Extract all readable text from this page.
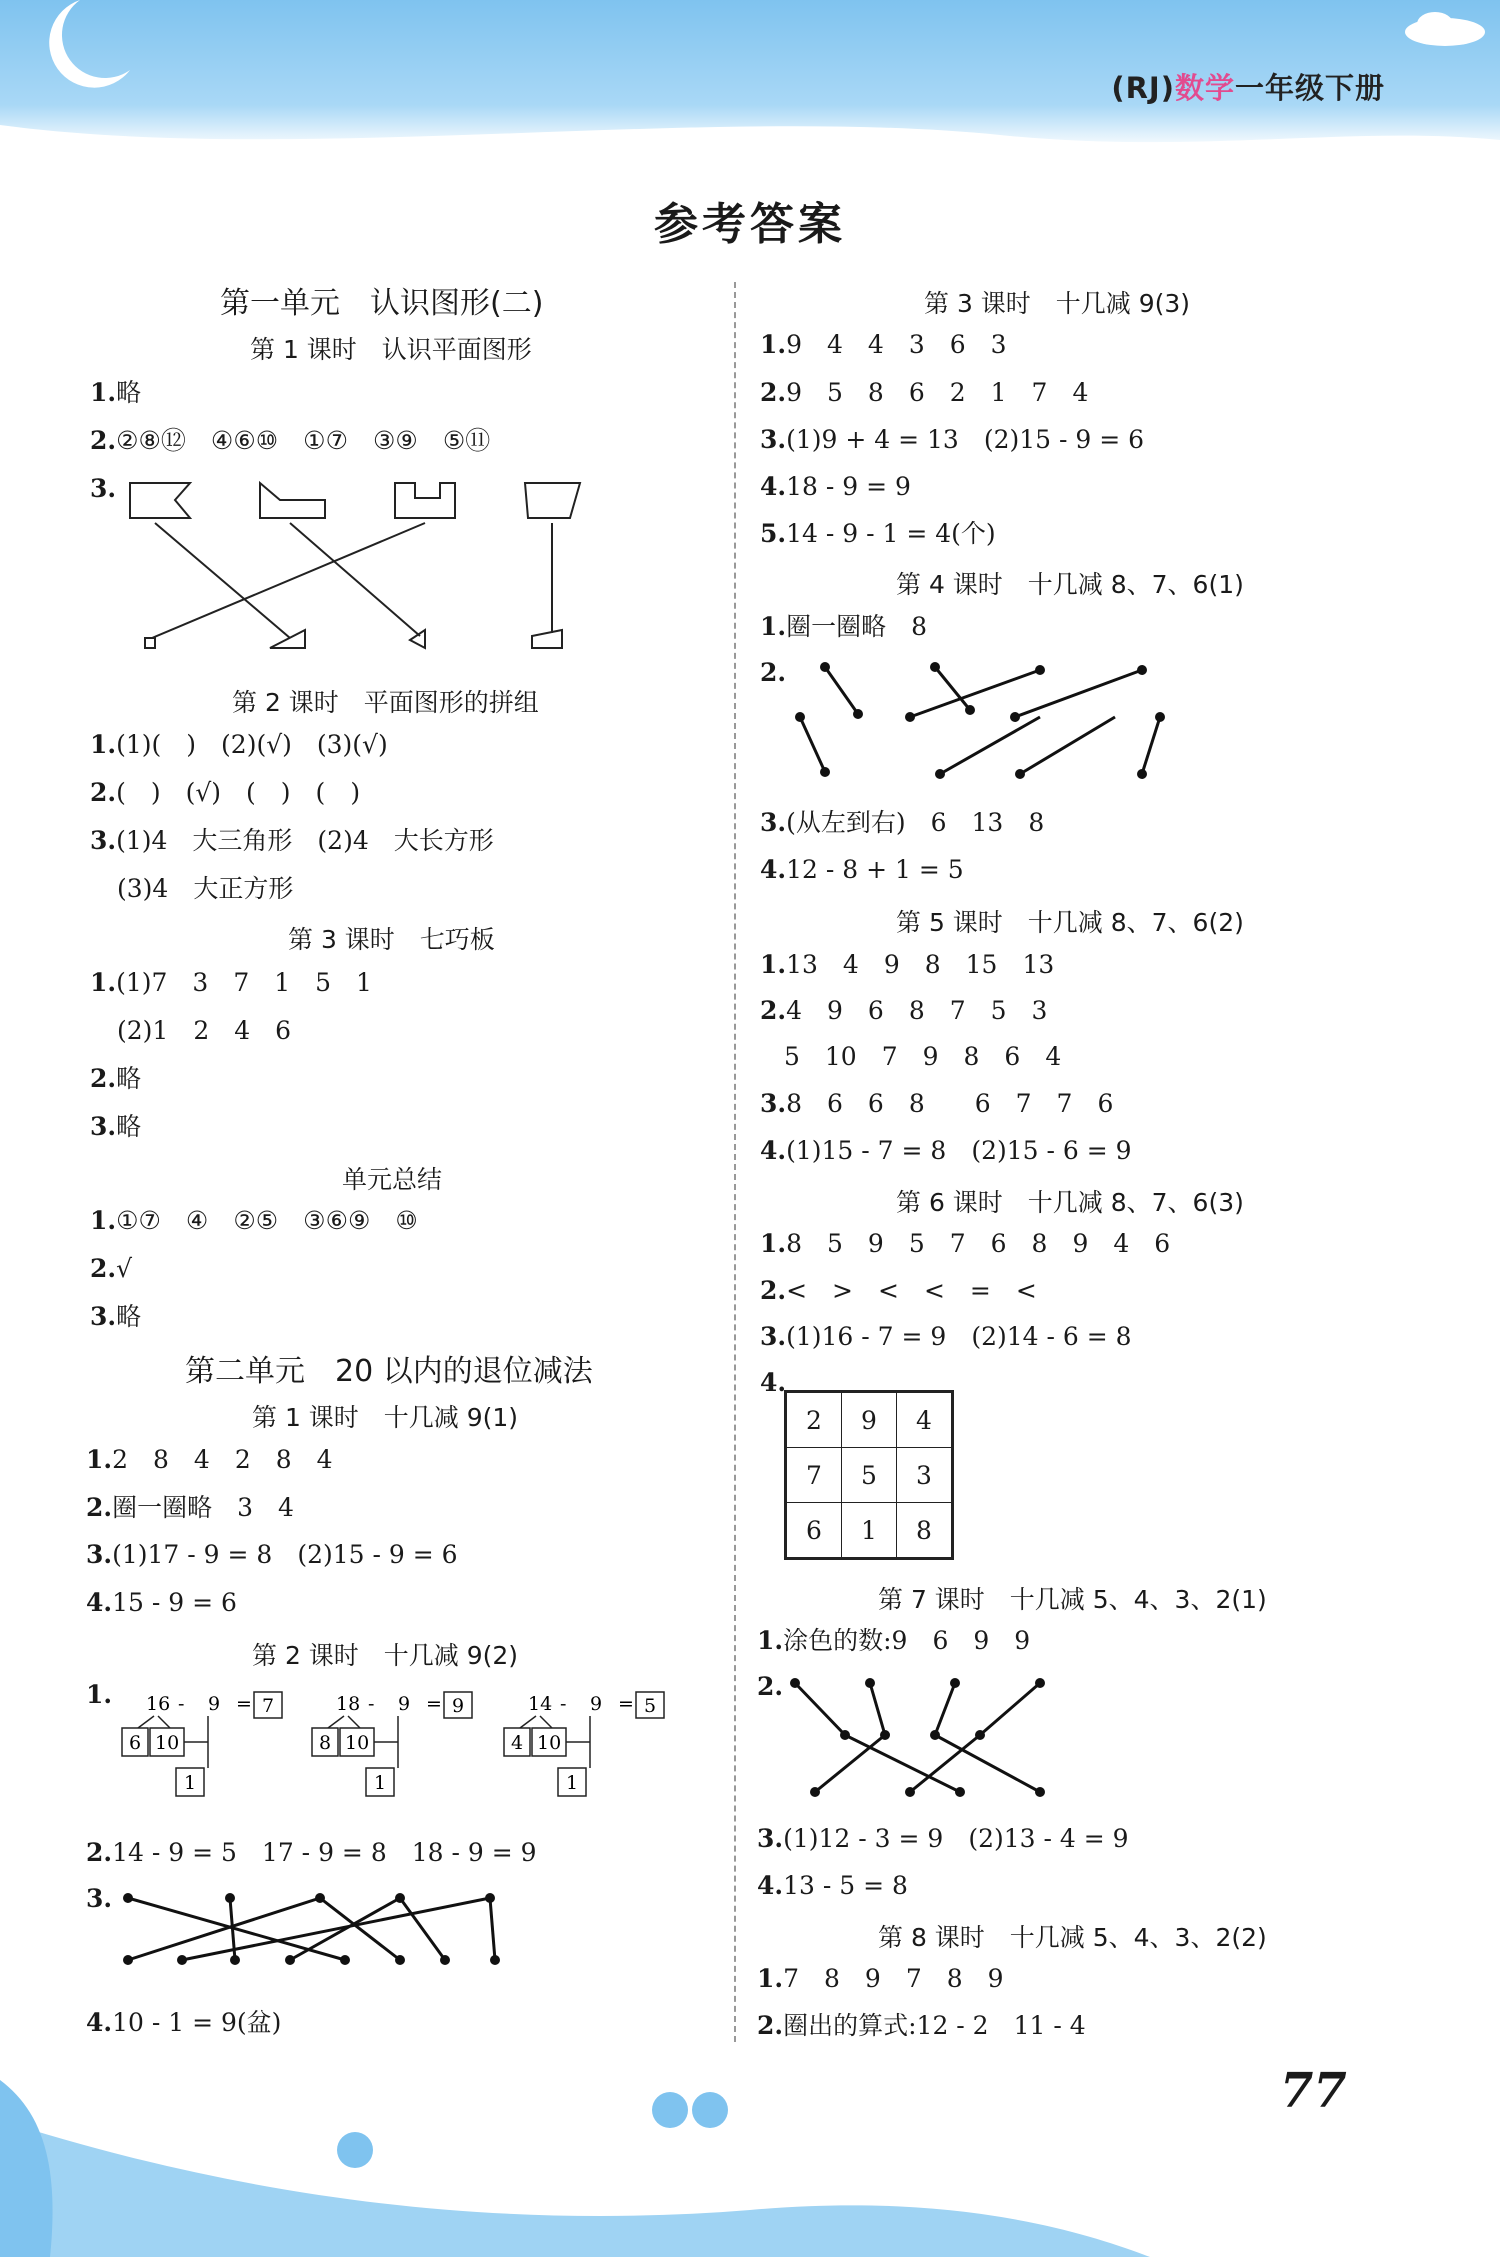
(RJ)数学一年级下册
参考答案
第一单元　认识图形(二)
第 1 课时　认识平面图形
1.略
2.②⑧⑫　④⑥⑩　①⑦　③⑨　⑤⑪
3.
第 2 课时　平面图形的拼组
1.(1)(　)　(2)(√)　(3)(√)
2.(　)　(√)　(　)　(　)
3.(1)4　大三角形　(2)4　大长方形
(3)4　大正方形
第 3 课时　七巧板
1.(1)7　3　7　1　5　1
(2)1　2　4　6
2.略
3.略
单元总结
1.①⑦　④　②⑤　③⑥⑨　⑩
2.√
3.略
第二单元　20 以内的退位减法
第 1 课时　十几减 9(1)
1.2　8　4　2　8　4
2.圈一圈略　3　4
3.(1)17 - 9 = 8　(2)15 - 9 = 6
4.15 - 9 = 6
第 2 课时　十几减 9(2)
1. 16 - 9 = 7
6 10
1
18 - 9 = 9
8 10
1
14 - 9 = 5
4 10
1
2.14 - 9 = 5　17 - 9 = 8　18 - 9 = 9
3.
4.10 - 1 = 9(盆)
第 3 课时　十几减 9(3)
1.9　4　4　3　6　3
2.9　5　8　6　2　1　7　4
3.(1)9 + 4 = 13　(2)15 - 9 = 6
4.18 - 9 = 9
5.14 - 9 - 1 = 4(个)
第 4 课时　十几减 8、7、6(1)
1.圈一圈略　8
2.
3.(从左到右)　6　13　8
4.12 - 8 + 1 = 5
第 5 课时　十几减 8、7、6(2)
1.13　4　9　8　15　13
2.4　9　6　8　7　5　3
5　10　7　9　8　6　4
3.8　6　6　8　　6　7　7　6
4.(1)15 - 7 = 8　(2)15 - 6 = 9
第 6 课时　十几减 8、7、6(3)
1.8　5　9　5　7　6　8　9　4　6
2.<　>　<　<　=　<
3.(1)16 - 7 = 9　(2)14 - 6 = 8
4.
2	9	4
7	5	3
6	1	8
第 7 课时　十几减 5、4、3、2(1)
1.涂色的数:9　6　9　9
2.
3.(1)12 - 3 = 9　(2)13 - 4 = 9
4.13 - 5 = 8
第 8 课时　十几减 5、4、3、2(2)
1.7　8　9　7　8　9
2.圈出的算式:12 - 2　11 - 4
77
